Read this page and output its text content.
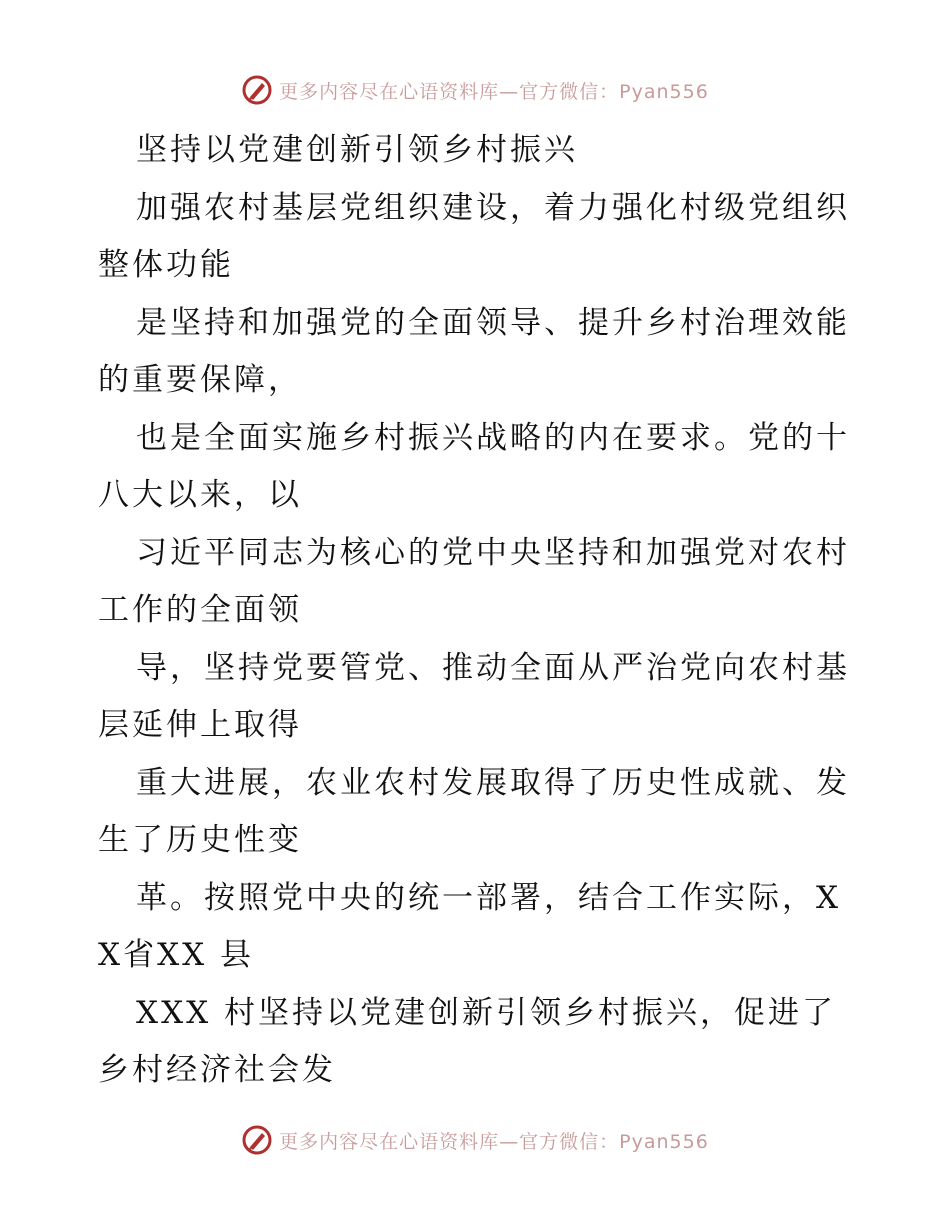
更多内容尽在心语资料库—官方微信：Pyan556

坚持以党建创新引领乡村振兴

加强农村基层党组织建设，着力强化村级党组织整体功能

是坚持和加强党的全面领导、提升乡村治理效能的重要保障，

也是全面实施乡村振兴战略的内在要求。党的十八大以来，以

习近平同志为核心的党中央坚持和加强党对农村工作的全面领

导，坚持党要管党、推动全面从严治党向农村基层延伸上取得

重大进展，农业农村发展取得了历史性成就、发生了历史性变

革。按照党中央的统一部署，结合工作实际，XX省XX 县

XXX 村坚持以党建创新引领乡村振兴，促进了乡村经济社会发

更多内容尽在心语资料库—官方微信：Pyan556
